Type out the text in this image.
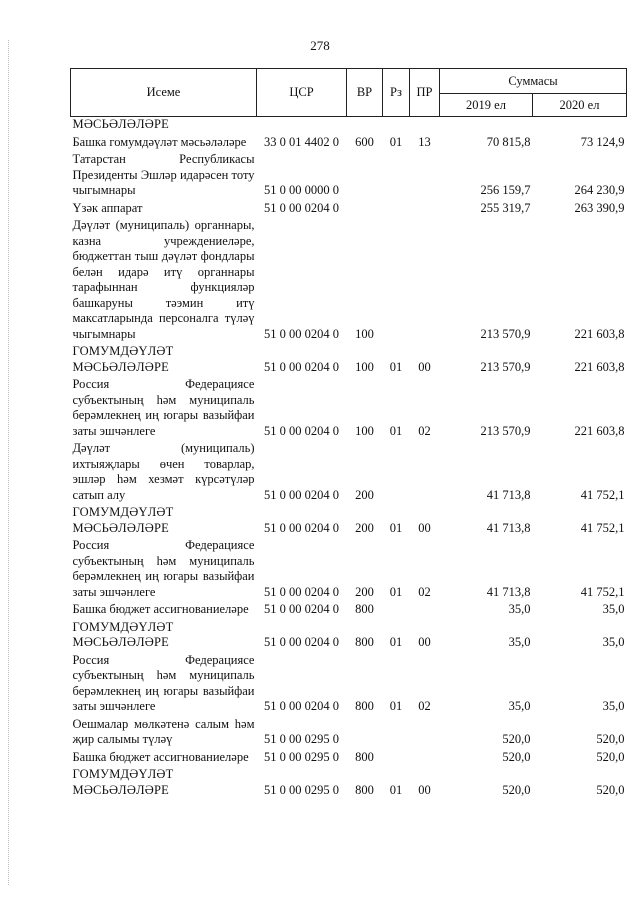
278
Исеме	ЦСР	ВР	Рз	ПР	Суммасы	
					2019 ел	2020 ел
МӘСЬӘЛӘЛӘРЕ						
Башка гомумдәүләт мәсьәләләре	33 0 01 4402 0	600	01	13	70 815,8	73 124,9
Татарстан Республикасы Президенты Эшләр идарәсен тоту чыгымнары	51 0 00 0000 0				256 159,7	264 230,9
Үзәк аппарат	51 0 00 0204 0				255 319,7	263 390,9
Дәүләт (муниципаль) органнары, казна учреждениеләре, бюджеттан тыш дәүләт фондлары белән идарә итү органнары тарафыннан функцияләр башкаруны тәэмин итү максатларында персоналга түләү чыгымнары	51 0 00 0204 0	100			213 570,9	221 603,8
ГОМУМДӘҮЛӘТ МӘСЬӘЛӘЛӘРЕ	51 0 00 0204 0	100	01	00	213 570,9	221 603,8
Россия Федерациясе субъектының һәм муниципаль берәмлекнең иң югары вазыйфаи заты эшчәнлеге	51 0 00 0204 0	100	01	02	213 570,9	221 603,8
Дәүләт (муниципаль) ихтыяҗлары өчен товарлар, эшләр һәм хезмәт күрсәтүләр сатып алу	51 0 00 0204 0	200			41 713,8	41 752,1
ГОМУМДӘҮЛӘТ МӘСЬӘЛӘЛӘРЕ	51 0 00 0204 0	200	01	00	41 713,8	41 752,1
Россия Федерациясе субъектының һәм муниципаль берәмлекнең иң югары вазыйфаи заты эшчәнлеге	51 0 00 0204 0	200	01	02	41 713,8	41 752,1
Башка бюджет ассигнованиеләре	51 0 00 0204 0	800			35,0	35,0
ГОМУМДӘҮЛӘТ МӘСЬӘЛӘЛӘРЕ	51 0 00 0204 0	800	01	00	35,0	35,0
Россия Федерациясе субъектының һәм муниципаль берәмлекнең иң югары вазыйфаи заты эшчәнлеге	51 0 00 0204 0	800	01	02	35,0	35,0
Оешмалар мөлкәтенә салым һәм җир салымы түләү	51 0 00 0295 0				520,0	520,0
Башка бюджет ассигнованиеләре	51 0 00 0295 0	800			520,0	520,0
ГОМУМДӘҮЛӘТ МӘСЬӘЛӘЛӘРЕ	51 0 00 0295 0	800	01	00	520,0	520,0
